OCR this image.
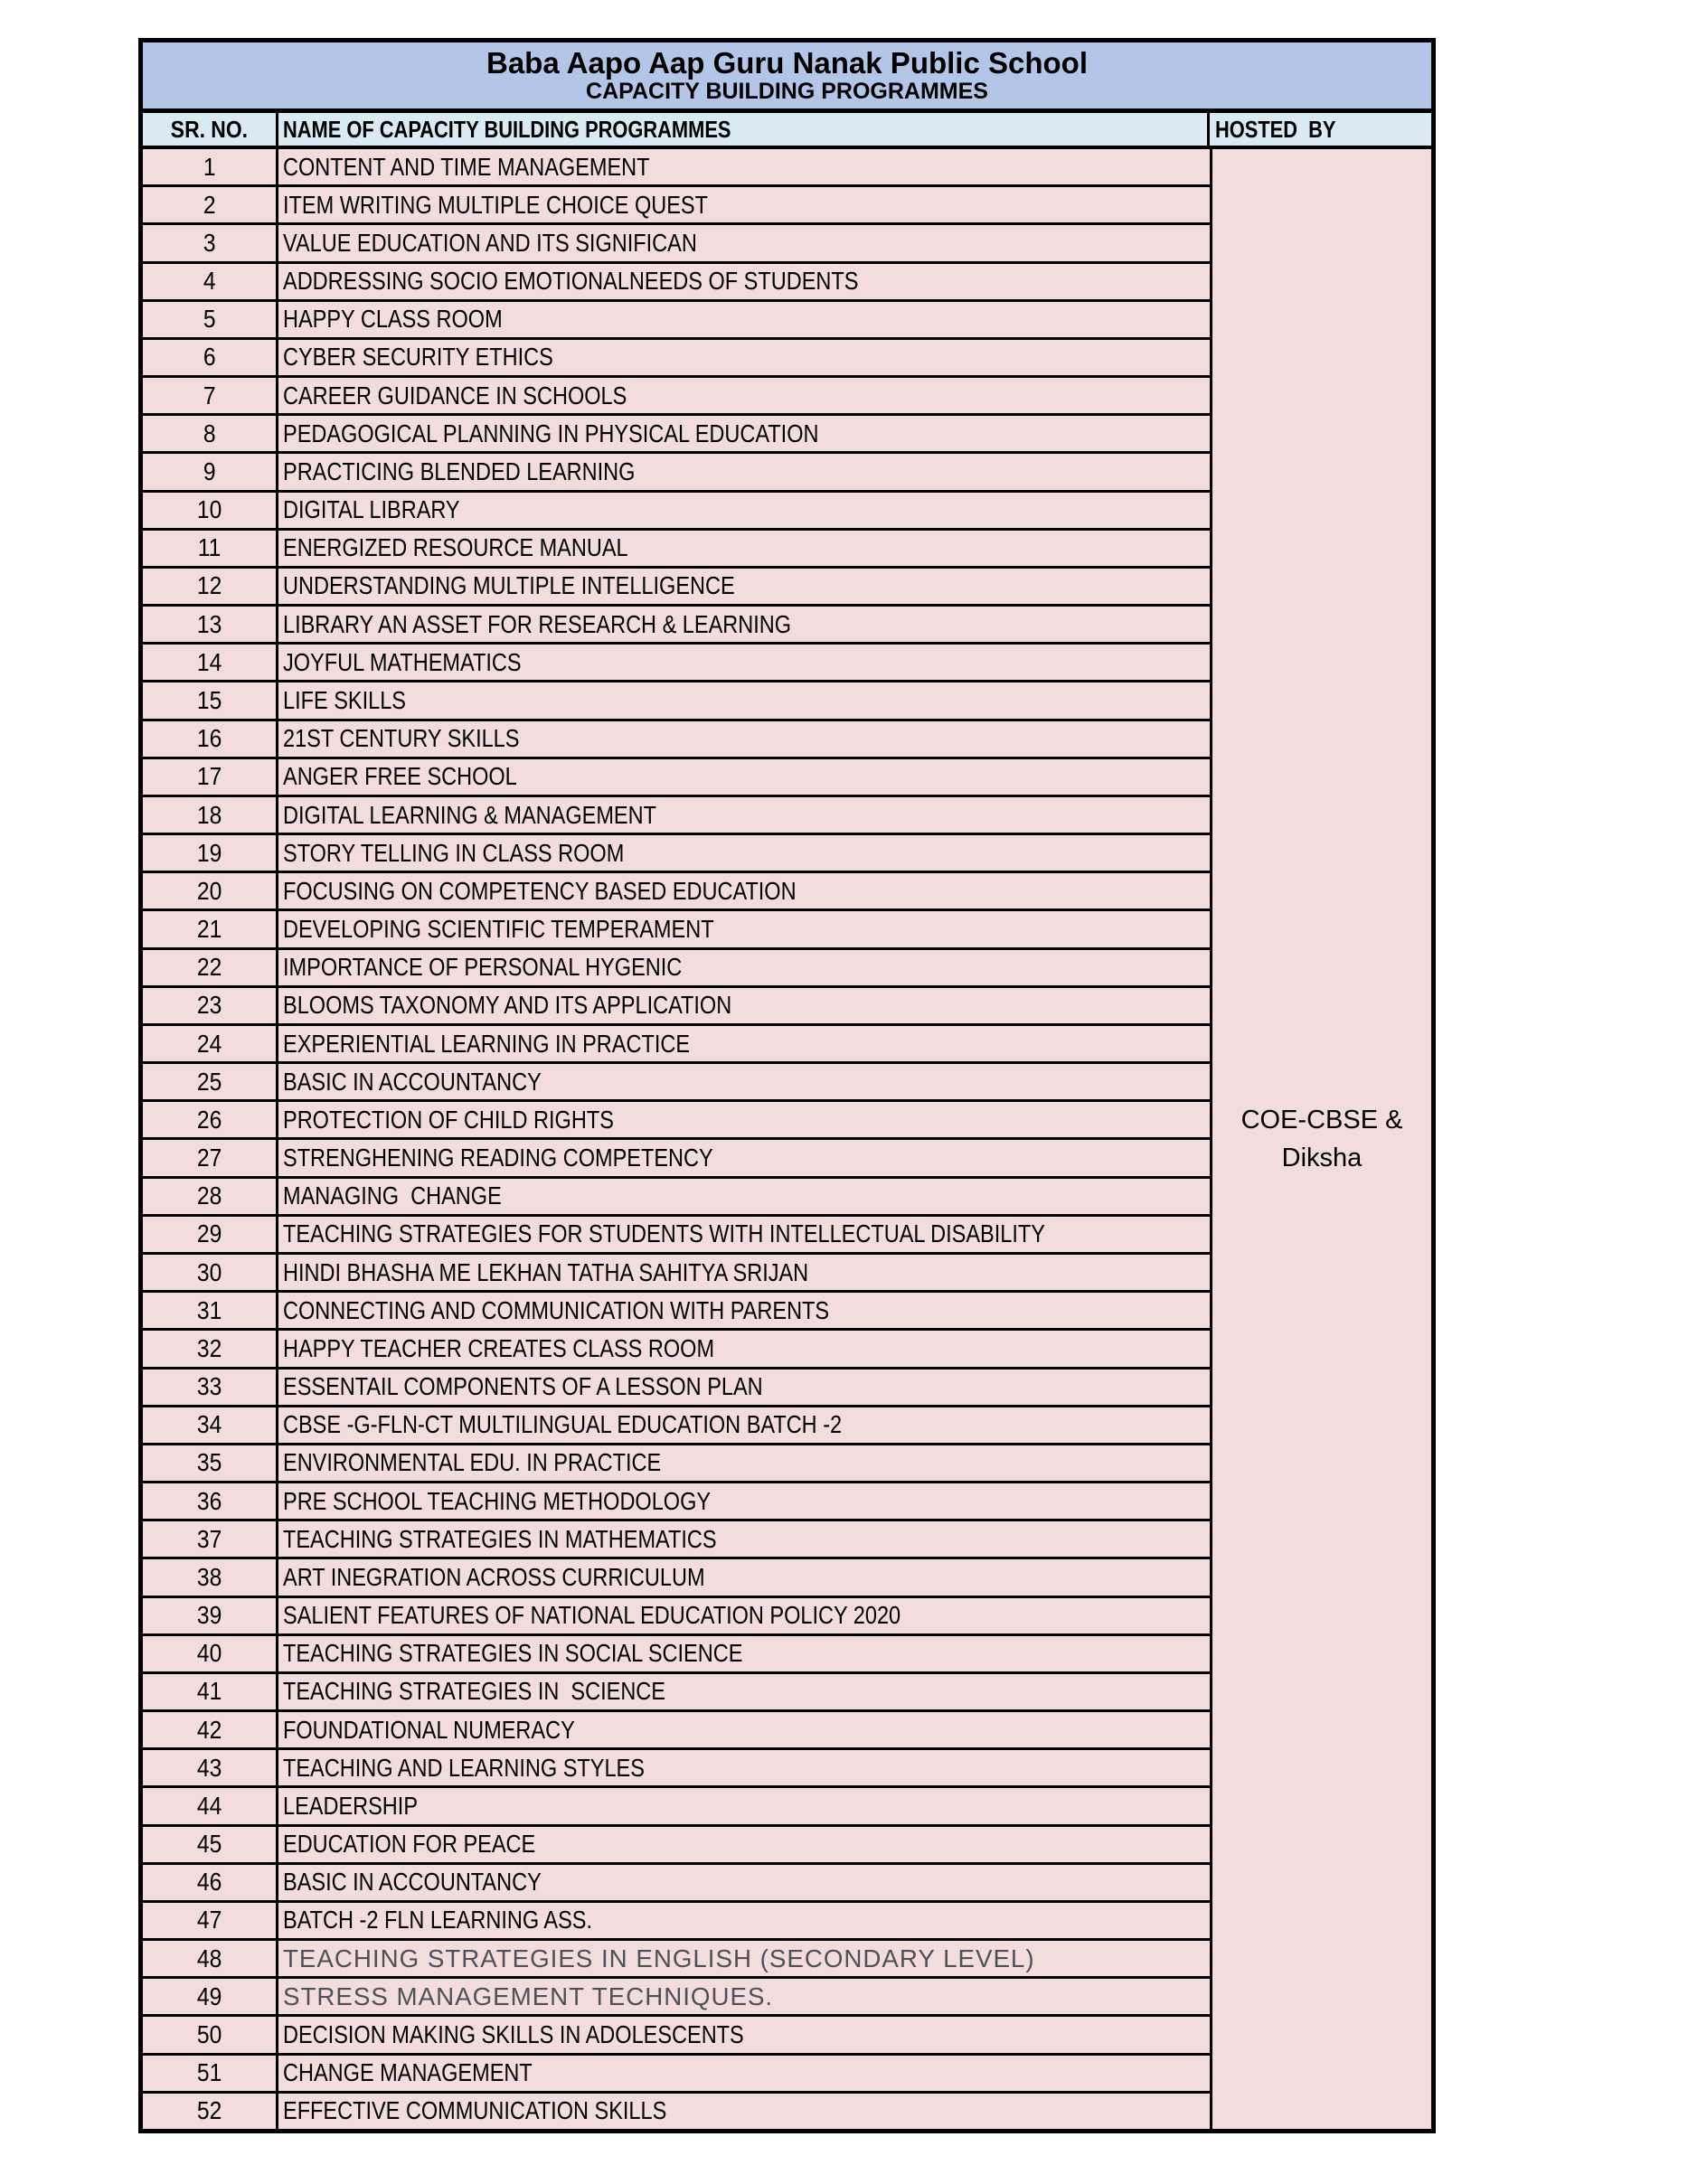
Baba Aapo Aap Guru Nanak Public School
CAPACITY BUILDING PROGRAMMES
SR. NO. NAME OF CAPACITY BUILDING PROGRAMMES	HOSTED  BY
1	CONTENT AND TIME MANAGEMENT
2	ITEM WRITING MULTIPLE CHOICE QUEST
3	VALUE EDUCATION AND ITS SIGNIFICAN
4	ADDRESSING SOCIO EMOTIONALNEEDS OF STUDENTS
5	HAPPY CLASS ROOM
6	CYBER SECURITY ETHICS
7	CAREER GUIDANCE IN SCHOOLS
8	PEDAGOGICAL PLANNING IN PHYSICAL EDUCATION
9	PRACTICING BLENDED LEARNING
10 DIGITAL LIBRARY
11 ENERGIZED RESOURCE MANUAL
12 UNDERSTANDING MULTIPLE INTELLIGENCE
13 LIBRARY AN ASSET FOR RESEARCH & LEARNING
14 JOYFUL MATHEMATICS
15 LIFE SKILLS
16 21ST CENTURY SKILLS
17 ANGER FREE SCHOOL
18 DIGITAL LEARNING & MANAGEMENT
19 STORY TELLING IN CLASS ROOM
20 FOCUSING ON COMPETENCY BASED EDUCATION
21 DEVELOPING SCIENTIFIC TEMPERAMENT
22 IMPORTANCE OF PERSONAL HYGENIC
23 BLOOMS TAXONOMY AND ITS APPLICATION
24 EXPERIENTIAL LEARNING IN PRACTICE
25 BASIC IN ACCOUNTANCY
26 PROTECTION OF CHILD RIGHTS
27 STRENGHENING READING COMPETENCY
28 MANAGING  CHANGE
29 TEACHING STRATEGIES FOR STUDENTS WITH INTELLECTUAL DISABILITY
30 HINDI BHASHA ME LEKHAN TATHA SAHITYA SRIJAN
31 CONNECTING AND COMMUNICATION WITH PARENTS
32 HAPPY TEACHER CREATES CLASS ROOM
33 ESSENTAIL COMPONENTS OF A LESSON PLAN
34 CBSE -G-FLN-CT MULTILINGUAL EDUCATION BATCH -2
35 ENVIRONMENTAL EDU. IN PRACTICE
36 PRE SCHOOL TEACHING METHODOLOGY
37 TEACHING STRATEGIES IN MATHEMATICS
38 ART INEGRATION ACROSS CURRICULUM
39 SALIENT FEATURES OF NATIONAL EDUCATION POLICY 2020
40 TEACHING STRATEGIES IN SOCIAL SCIENCE
41 TEACHING STRATEGIES IN  SCIENCE
42 FOUNDATIONAL NUMERACY
43 TEACHING AND LEARNING STYLES
44 LEADERSHIP
45 EDUCATION FOR PEACE
46 BASIC IN ACCOUNTANCY
47 BATCH -2 FLN LEARNING ASS.
48 TEACHING STRATEGIES IN ENGLISH (SECONDARY LEVEL)
49 STRESS MANAGEMENT TECHNIQUES.
50 DECISION MAKING SKILLS IN ADOLESCENTS
51 CHANGE MANAGEMENT
52 EFFECTIVE COMMUNICATION SKILLS
COE-CBSE &
Diksha
